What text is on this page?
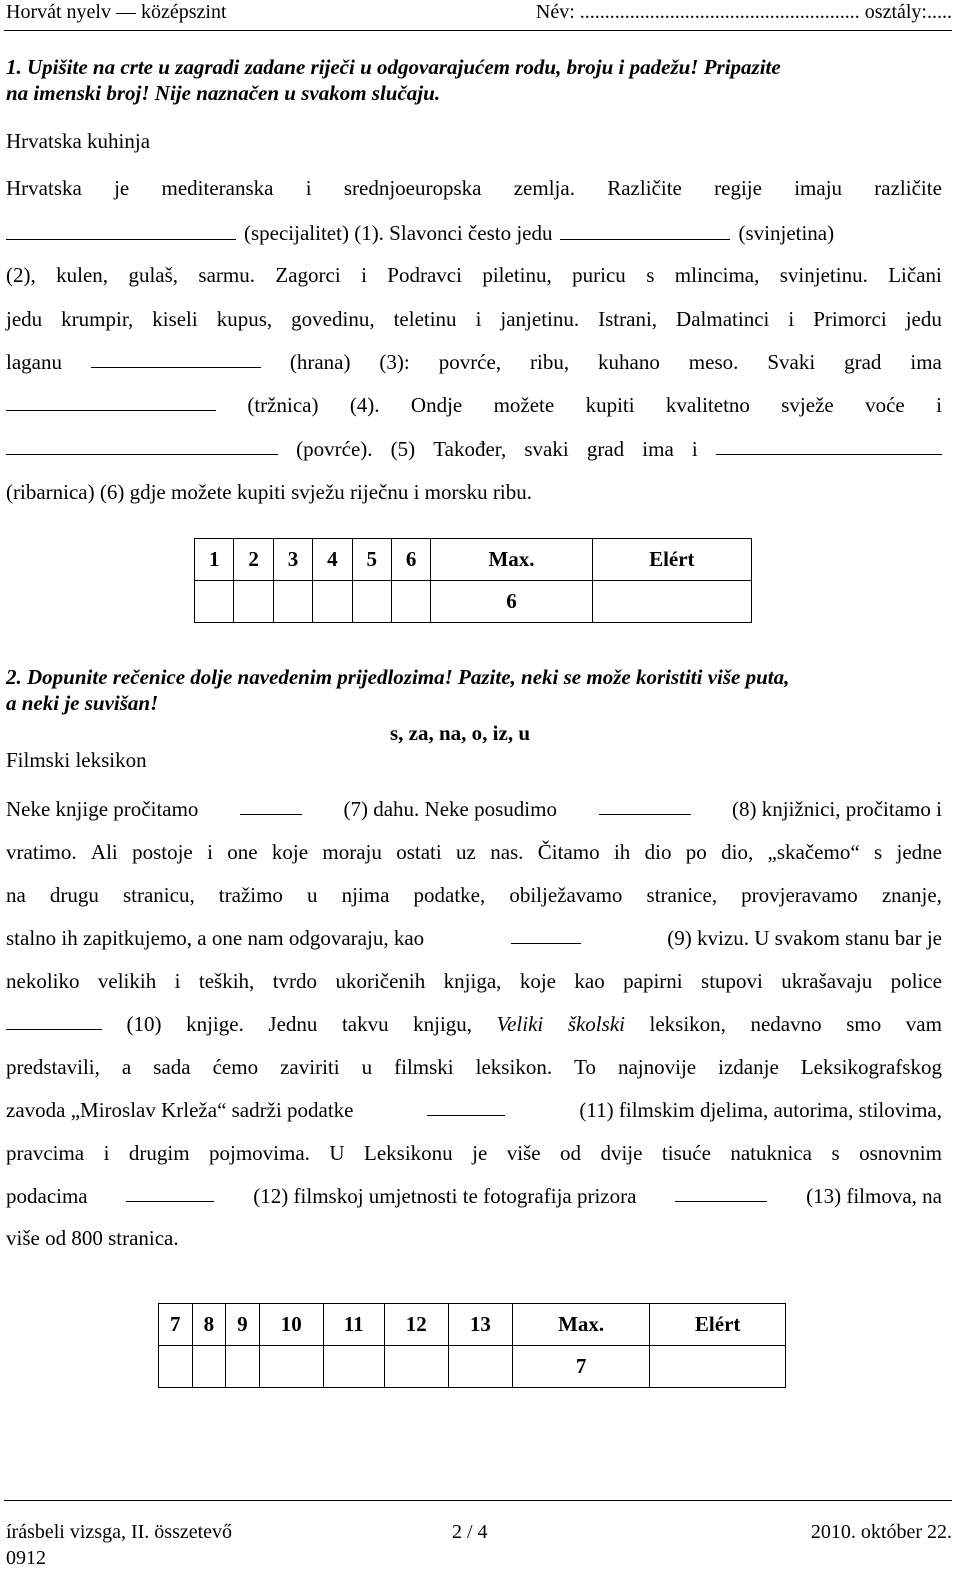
Horvát nyelv — középszint	Név: ........................................................ osztály:.....
1. Upišite na crte u zagradi zadane riječi u odgovarajućem rodu, broju i padežu! Pripazite
na imenski broj! Nije naznačen u svakom slučaju.
Hrvatska kuhinja
Hrvatska je mediteranska i srednjoeuropska zemlja. Različite regije imaju različite
(specijalitet) (1). Slavonci često jedu	(svinjetina)
(2), kulen, gulaš, sarmu. Zagorci i Podravci piletinu, puricu s mlincima, svinjetinu. Ličani
jedu krumpir, kiseli kupus, govedinu, teletinu i janjetinu. Istrani, Dalmatinci i Primorci jedu
laganu	(hrana) (3): povrće, ribu, kuhano meso. Svaki grad ima
(tržnica) (4). Ondje možete kupiti kvalitetno svježe voće i
(povrće). (5) Također, svaki grad ima i
(ribarnica) (6) gdje možete kupiti svježu riječnu i morsku ribu.
1	2	3	4	5	6	Max.	Elért
						6	
2. Dopunite rečenice dolje navedenim prijedlozima! Pazite, neki se može koristiti više puta,
a neki je suvišan!
s, za, na, o, iz, u
Filmski leksikon
Neke knjige pročitamo	(7) dahu. Neke posudimo	(8) knjižnici, pročitamo i
vratimo. Ali postoje i one koje moraju ostati uz nas. Čitamo ih dio po dio, „skačemo“ s jedne
na drugu stranicu, tražimo u njima podatke, obilježavamo stranice, provjeravamo znanje,
stalno ih zapitkujemo, a one nam odgovaraju, kao	(9) kvizu. U svakom stanu bar je
nekoliko velikih i teških, tvrdo ukoričenih knjiga, koje kao papirni stupovi ukrašavaju police
(10) knjige. Jednu takvu knjigu, Veliki školski leksikon, nedavno smo vam
predstavili, a sada ćemo zaviriti u filmski leksikon. To najnovije izdanje Leksikografskog
zavoda „Miroslav Krleža“ sadrži podatke	(11) filmskim djelima, autorima, stilovima,
pravcima i drugim pojmovima. U Leksikonu je više od dvije tisuće natuknica s osnovnim
podacima	(12) filmskoj umjetnosti te fotografija prizora	(13) filmova, na
više od 800 stranica.
7	8	9	10	11	12	13	Max.	Elért
							7	
írásbeli vizsga, II. összetevő
0912
2 / 4	2010. október 22.
